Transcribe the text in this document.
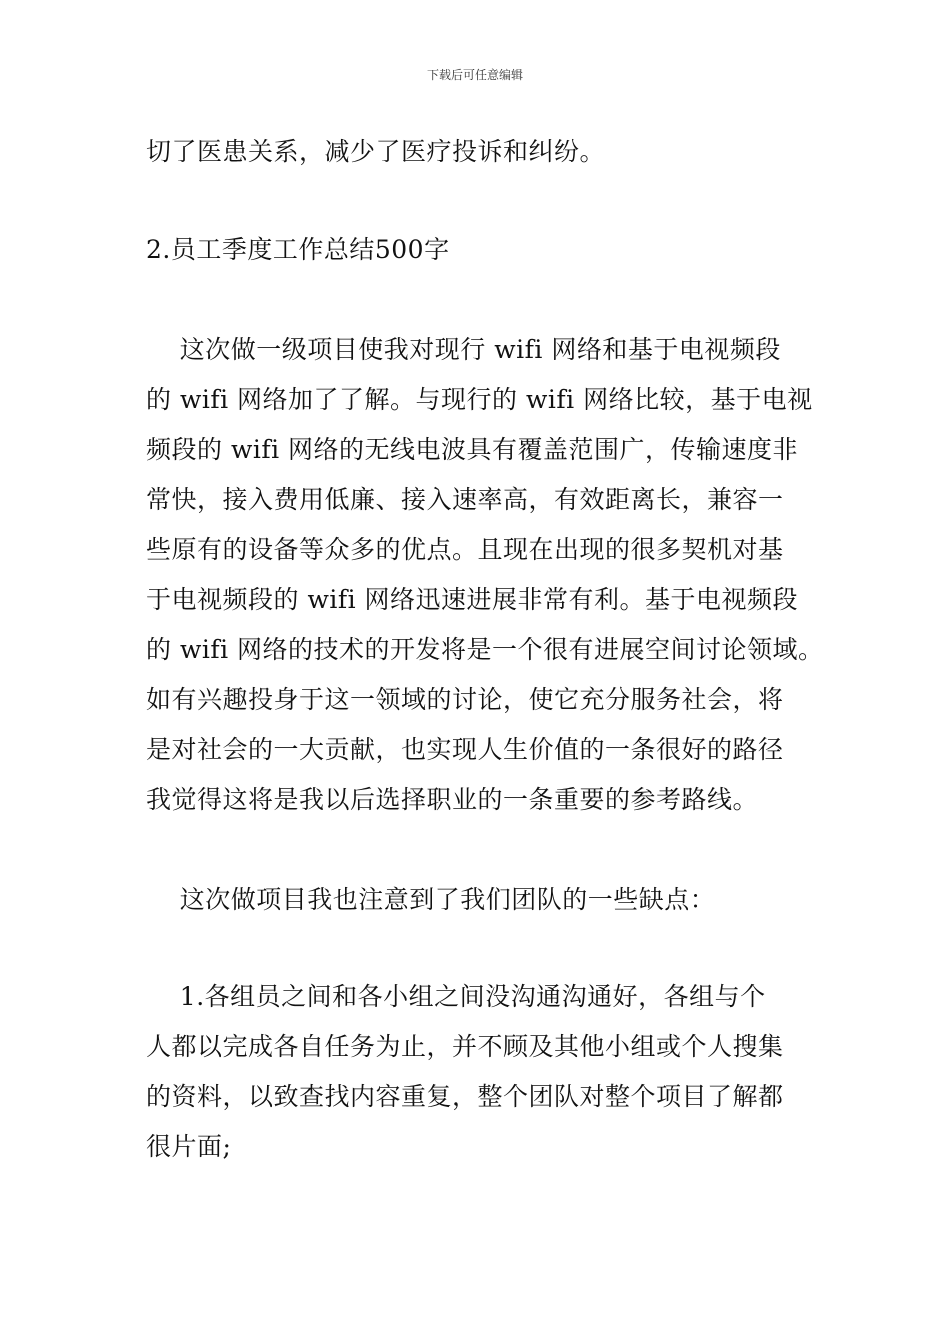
下载后可任意编辑
切了医患关系，减少了医疗投诉和纠纷。
2.员工季度工作总结500字
这次做一级项目使我对现行 wifi 网络和基于电视频段
的 wifi 网络加了了解。与现行的 wifi 网络比较，基于电视
频段的 wifi 网络的无线电波具有覆盖范围广，传输速度非
常快，接入费用低廉、接入速率高，有效距离长，兼容一
些原有的设备等众多的优点。且现在出现的很多契机对基
于电视频段的 wifi 网络迅速进展非常有利。基于电视频段
的 wifi 网络的技术的开发将是一个很有进展空间讨论领域。
如有兴趣投身于这一领域的讨论，使它充分服务社会，将
是对社会的一大贡献，也实现人生价值的一条很好的路径
我觉得这将是我以后选择职业的一条重要的参考路线。
这次做项目我也注意到了我们团队的一些缺点：
1.各组员之间和各小组之间没沟通沟通好，各组与个
人都以完成各自任务为止，并不顾及其他小组或个人搜集
的资料，以致查找内容重复，整个团队对整个项目了解都
很片面;
